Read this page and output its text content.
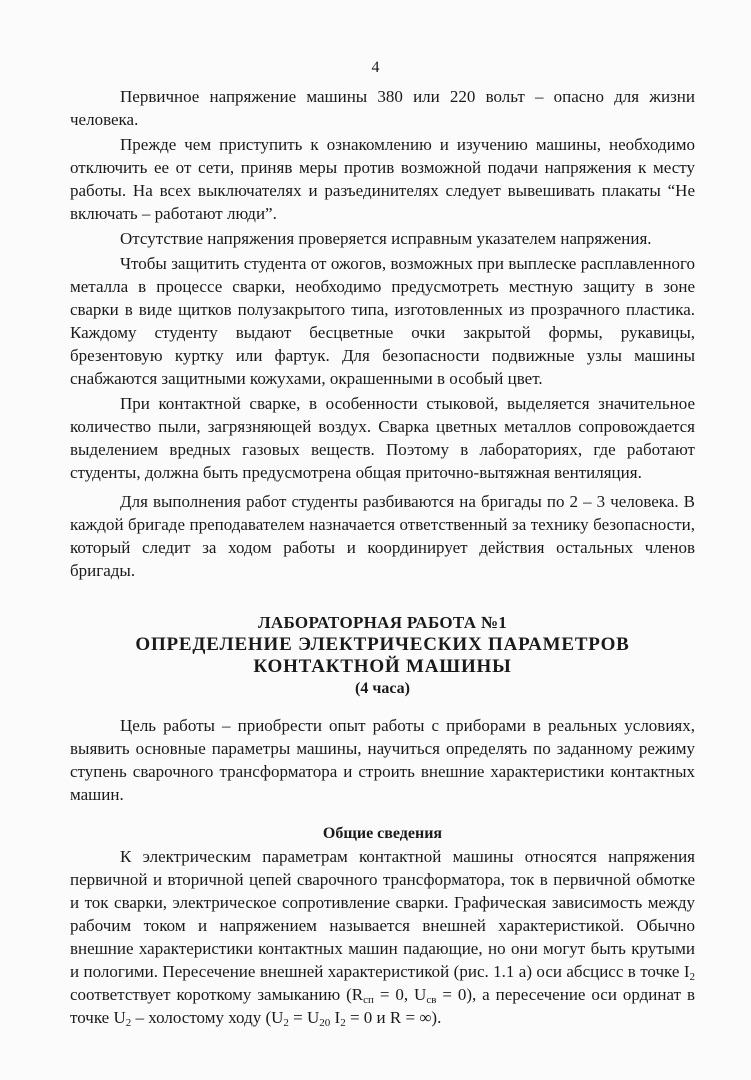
4

Первичное напряжение машины 380 или 220 вольт – опасно для жизни человека.

Прежде чем приступить к ознакомлению и изучению машины, необходимо отключить ее от сети, приняв меры против возможной подачи напряжения к месту работы. На всех выключателях и разъединителях следует вывешивать плакаты “Не включать – работают люди”.

Отсутствие напряжения проверяется исправным указателем напряжения.

Чтобы защитить студента от ожогов, возможных при выплеске расплавленного металла в процессе сварки, необходимо предусмотреть местную защиту в зоне сварки в виде щитков полузакрытого типа, изготовленных из прозрачного пластика. Каждому студенту выдают бесцветные очки закрытой формы, рукавицы, брезентовую куртку или фартук. Для безопасности подвижные узлы машины снабжаются защитными кожухами, окрашенными в особый цвет.

При контактной сварке, в особенности стыковой, выделяется значительное количество пыли, загрязняющей воздух. Сварка цветных металлов сопровождается выделением вредных газовых веществ. Поэтому в лабораториях, где работают студенты, должна быть предусмотрена общая приточно-вытяжная вентиляция.

Для выполнения работ студенты разбиваются на бригады по 2 – 3 человека. В каждой бригаде преподавателем назначается ответственный за технику безопасности, который следит за ходом работы и координирует действия остальных членов бригады.

ЛАБОРАТОРНАЯ РАБОТА №1
ОПРЕДЕЛЕНИЕ ЭЛЕКТРИЧЕСКИХ ПАРАМЕТРОВ
КОНТАКТНОЙ МАШИНЫ
(4 часа)

Цель работы – приобрести опыт работы с приборами в реальных условиях, выявить основные параметры машины, научиться определять по заданному режиму ступень сварочного трансформатора и строить внешние характеристики контактных машин.

Общие сведения

К электрическим параметрам контактной машины относятся напряжения первичной и вторичной цепей сварочного трансформатора, ток в первичной обмотке и ток сварки, электрическое сопротивление сварки. Графическая зависимость между рабочим током и напряжением называется внешней характеристикой. Обычно внешние характеристики контактных машин падающие, но они могут быть крутыми и пологими. Пересечение внешней характеристикой (рис. 1.1 а) оси абсцисс в точке $I_2$ соответствует короткому замыканию ($R_{сп} = 0$, $U_{св} = 0$), а пересечение оси ординат в точке $U_2$ – холостому ходу ($U_2 = U_{20}$ $I_2 = 0$ и R = ∞).
